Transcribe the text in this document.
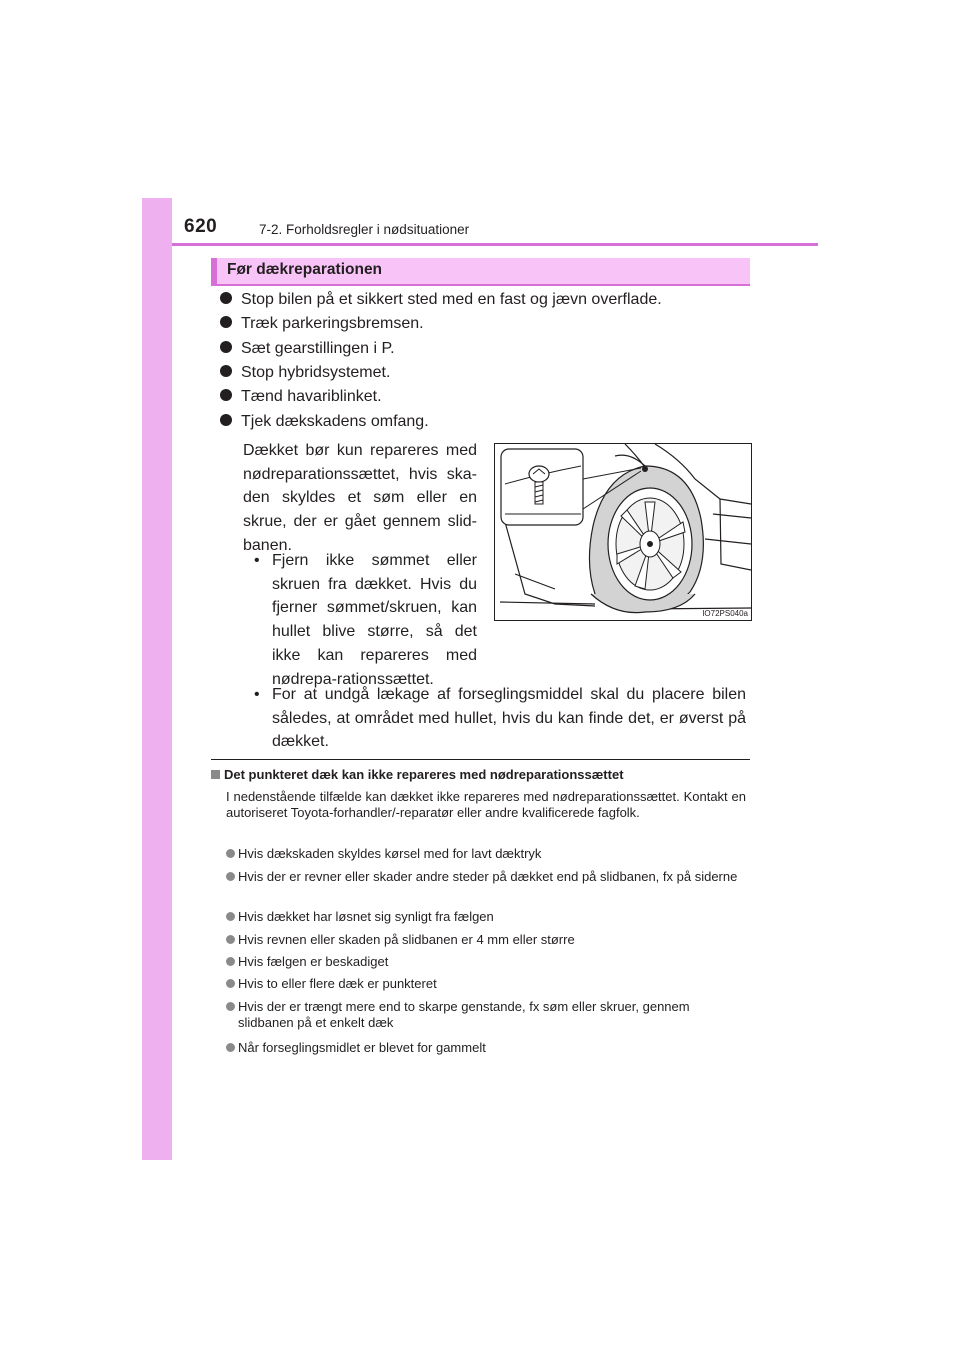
620	7-2. Forholdsregler i nødsituationer
Før dækreparationen
Stop bilen på et sikkert sted med en fast og jævn overflade.
Træk parkeringsbremsen.
Sæt gearstillingen i P.
Stop hybridsystemet.
Tænd havariblinket.
Tjek dækskadens omfang.
Dækket bør kun repareres med nødreparationssættet, hvis ska-den skyldes et søm eller en skrue, der er gået gennem slid-banen.
• Fjern ikke sømmet eller skruen fra dækket. Hvis du fjerner sømmet/skruen, kan hullet blive større, så det ikke kan repareres med nødrepa-rationssættet.
• For at undgå lækage af forseglingsmiddel skal du placere bilen således, at området med hullet, hvis du kan finde det, er øverst på dækket.
IO72PS040a
Det punkteret dæk kan ikke repareres med nødreparationssættet
I nedenstående tilfælde kan dækket ikke repareres med nødreparationssættet. Kontakt en autoriseret Toyota-forhandler/-reparatør eller andre kvalificerede fagfolk.
Hvis dækskaden skyldes kørsel med for lavt dæktryk
Hvis der er revner eller skader andre steder på dækket end på slidbanen, fx på siderne
Hvis dækket har løsnet sig synligt fra fælgen
Hvis revnen eller skaden på slidbanen er 4 mm eller større
Hvis fælgen er beskadiget
Hvis to eller flere dæk er punkteret
Hvis der er trængt mere end to skarpe genstande, fx søm eller skruer, gennem slidbanen på et enkelt dæk
Når forseglingsmidlet er blevet for gammelt
